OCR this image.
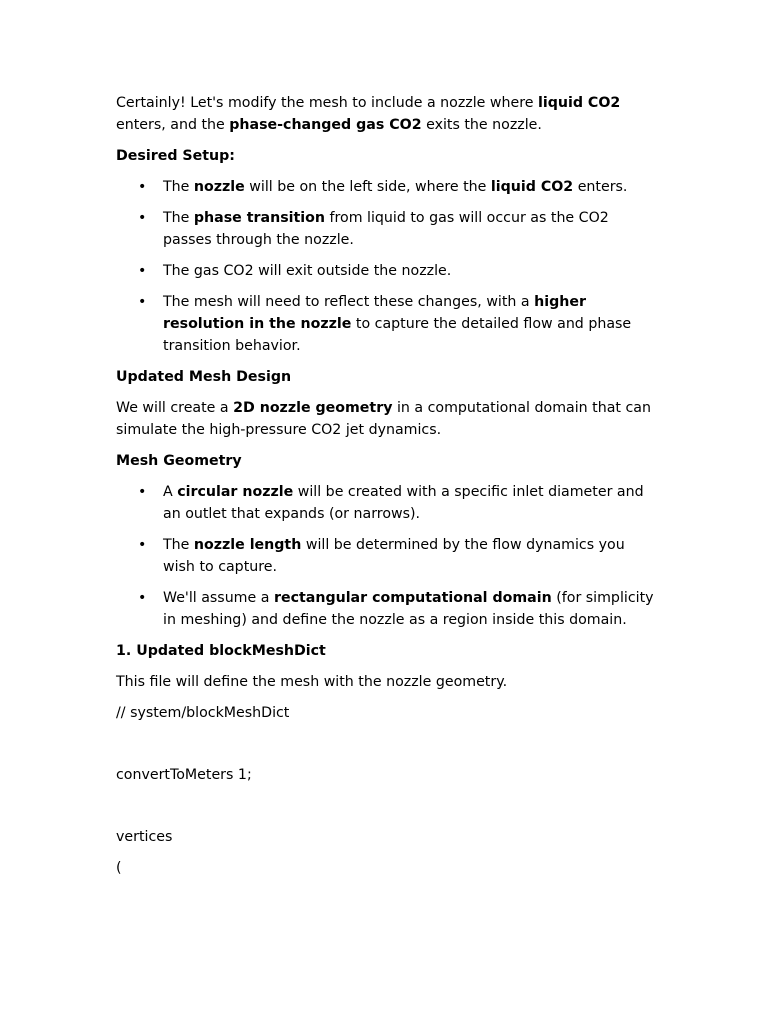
Certainly! Let's modify the mesh to include a nozzle where liquid CO2 enters, and the phase-changed gas CO2 exits the nozzle.

Desired Setup:

• The nozzle will be on the left side, where the liquid CO2 enters.
• The phase transition from liquid to gas will occur as the CO2 passes through the nozzle.
• The gas CO2 will exit outside the nozzle.
• The mesh will need to reflect these changes, with a higher resolution in the nozzle to capture the detailed flow and phase transition behavior.

Updated Mesh Design

We will create a 2D nozzle geometry in a computational domain that can simulate the high-pressure CO2 jet dynamics.

Mesh Geometry

• A circular nozzle will be created with a specific inlet diameter and an outlet that expands (or narrows).
• The nozzle length will be determined by the flow dynamics you wish to capture.
• We'll assume a rectangular computational domain (for simplicity in meshing) and define the nozzle as a region inside this domain.

1. Updated blockMeshDict

This file will define the mesh with the nozzle geometry.

// system/blockMeshDict

convertToMeters 1;

vertices

(
